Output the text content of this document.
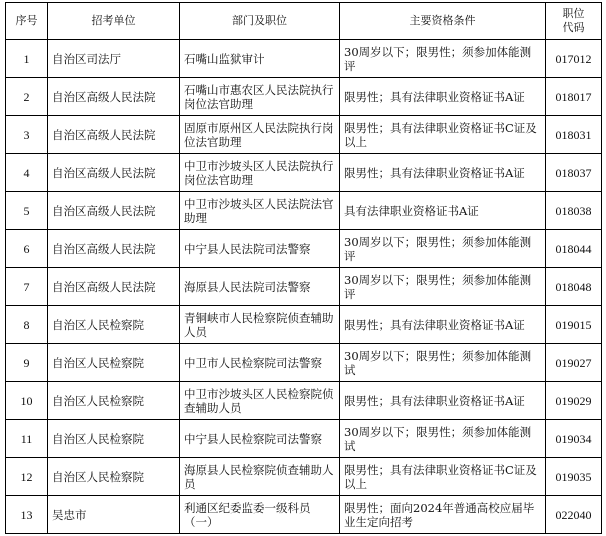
序号	招考单位	部门及职位	主要资格条件	职位
代码
1	自治区司法厅	石嘴山监狱审计	30周岁以下；限男性；须参加体能测评	017012
2	自治区高级人民法院	石嘴山市惠农区人民法院执行岗位法官助理	限男性；具有法律职业资格证书A证	018017
3	自治区高级人民法院	固原市原州区人民法院执行岗位法官助理	限男性；具有法律职业资格证书C证及以上	018031
4	自治区高级人民法院	中卫市沙坡头区人民法院执行岗位法官助理	限男性；具有法律职业资格证书A证	018037
5	自治区高级人民法院	中卫市沙坡头区人民法院法官助理	具有法律职业资格证书A证	018038
6	自治区高级人民法院	中宁县人民法院司法警察	30周岁以下；限男性；须参加体能测评	018044
7	自治区高级人民法院	海原县人民法院司法警察	30周岁以下；限男性；须参加体能测评	018048
8	自治区人民检察院	青铜峡市人民检察院侦查辅助人员	限男性；具有法律职业资格证书A证	019015
9	自治区人民检察院	中卫市人民检察院司法警察	30周岁以下；限男性；须参加体能测试	019027
10	自治区人民检察院	中卫市沙坡头区人民检察院侦查辅助人员	限男性；具有法律职业资格证书A证	019029
11	自治区人民检察院	中宁县人民检察院司法警察	30周岁以下；限男性；须参加体能测试	019034
12	自治区人民检察院	海原县人民检察院侦查辅助人员	限男性；具有法律职业资格证书C证及以上	019035
13	吴忠市	利通区纪委监委一级科员（一）	限男性；面向2024年普通高校应届毕业生定向招考	022040
